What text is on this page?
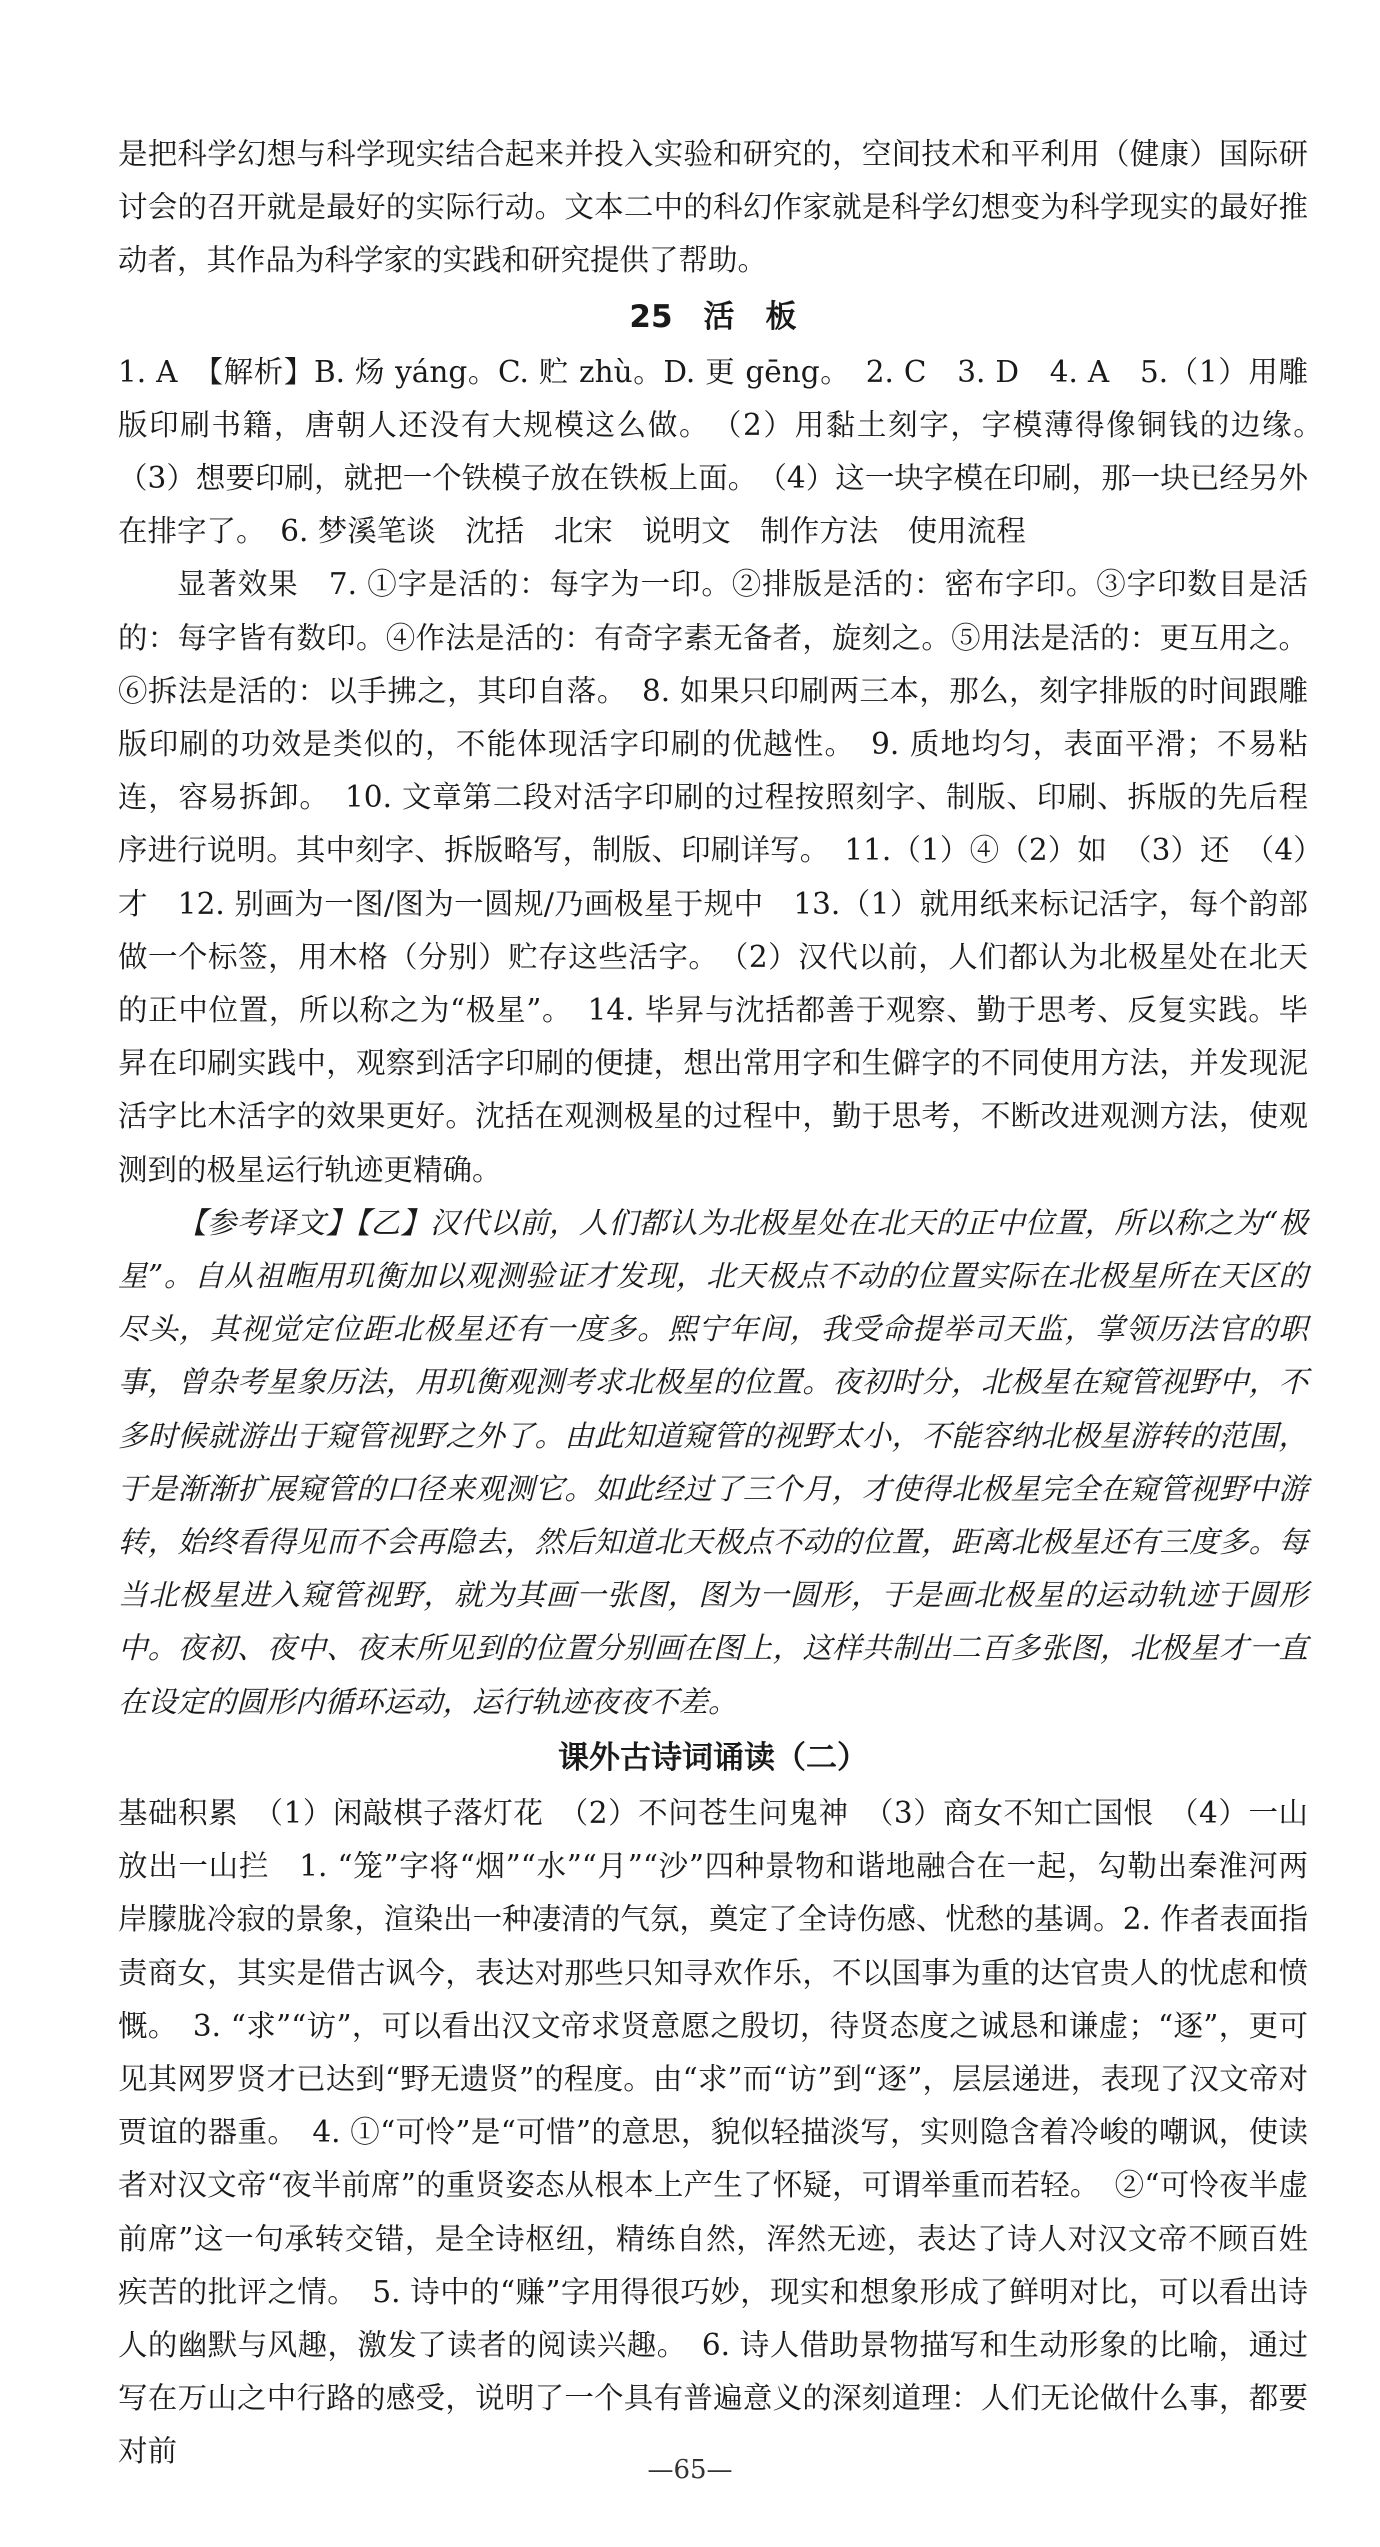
是把科学幻想与科学现实结合起来并投入实验和研究的，空间技术和平利用（健康）国际研讨会的召开就是最好的实际行动。文本二中的科幻作家就是科学幻想变为科学现实的最好推动者，其作品为科学家的实践和研究提供了帮助。

25　活　板

1. A　【解析】B. 炀 yáng。C. 贮 zhù。D. 更 gēng。　2. C　3. D　4. A　5.（1）用雕版印刷书籍，唐朝人还没有大规模这么做。　（2）用黏土刻字，字模薄得像铜钱的边缘。　（3）想要印刷，就把一个铁模子放在铁板上面。　（4）这一块字模在印刷，那一块已经另外在排字了。　6. 梦溪笔谈　沈括　北宋　说明文　制作方法　使用流程

显著效果　7. ①字是活的：每字为一印。②排版是活的：密布字印。③字印数目是活的：每字皆有数印。④作法是活的：有奇字素无备者，旋刻之。⑤用法是活的：更互用之。⑥拆法是活的：以手拂之，其印自落。　8. 如果只印刷两三本，那么，刻字排版的时间跟雕版印刷的功效是类似的，不能体现活字印刷的优越性。　9. 质地均匀，表面平滑；不易粘连，容易拆卸。　10. 文章第二段对活字印刷的过程按照刻字、制版、印刷、拆版的先后程序进行说明。其中刻字、拆版略写，制版、印刷详写。　11.（1）④（2）如　（3）还　（4）才　12. 别画为一图/图为一圆规/乃画极星于规中　13.（1）就用纸来标记活字，每个韵部做一个标签，用木格（分别）贮存这些活字。　（2）汉代以前，人们都认为北极星处在北天的正中位置，所以称之为“极星”。　14. 毕昇与沈括都善于观察、勤于思考、反复实践。毕昇在印刷实践中，观察到活字印刷的便捷，想出常用字和生僻字的不同使用方法，并发现泥活字比木活字的效果更好。沈括在观测极星的过程中，勤于思考，不断改进观测方法，使观测到的极星运行轨迹更精确。

【参考译文】【乙】汉代以前，人们都认为北极星处在北天的正中位置，所以称之为“极星”。自从祖暅用玑衡加以观测验证才发现，北天极点不动的位置实际在北极星所在天区的尽头，其视觉定位距北极星还有一度多。熙宁年间，我受命提举司天监，掌领历法官的职事，曾杂考星象历法，用玑衡观测考求北极星的位置。夜初时分，北极星在窥管视野中，不多时候就游出于窥管视野之外了。由此知道窥管的视野太小，不能容纳北极星游转的范围，于是渐渐扩展窥管的口径来观测它。如此经过了三个月，才使得北极星完全在窥管视野中游转，始终看得见而不会再隐去，然后知道北天极点不动的位置，距离北极星还有三度多。每当北极星进入窥管视野，就为其画一张图，图为一圆形，于是画北极星的运动轨迹于圆形中。夜初、夜中、夜末所见到的位置分别画在图上，这样共制出二百多张图，北极星才一直在设定的圆形内循环运动，运行轨迹夜夜不差。

课外古诗词诵读（二）

基础积累　（1）闲敲棋子落灯花　（2）不问苍生问鬼神　（3）商女不知亡国恨　（4）一山放出一山拦　1. “笼”字将“烟”“水”“月”“沙”四种景物和谐地融合在一起，勾勒出秦淮河两岸朦胧冷寂的景象，渲染出一种凄清的气氛，奠定了全诗伤感、忧愁的基调。2. 作者表面指责商女，其实是借古讽今，表达对那些只知寻欢作乐，不以国事为重的达官贵人的忧虑和愤慨。　3. “求”“访”，可以看出汉文帝求贤意愿之殷切，待贤态度之诚恳和谦虚；“逐”，更可见其网罗贤才已达到“野无遗贤”的程度。由“求”而“访”到“逐”，层层递进，表现了汉文帝对贾谊的器重。　4. ①“可怜”是“可惜”的意思，貌似轻描淡写，实则隐含着冷峻的嘲讽，使读者对汉文帝“夜半前席”的重贤姿态从根本上产生了怀疑，可谓举重而若轻。　②“可怜夜半虚前席”这一句承转交错，是全诗枢纽，精练自然，浑然无迹，表达了诗人对汉文帝不顾百姓疾苦的批评之情。　5. 诗中的“赚”字用得很巧妙，现实和想象形成了鲜明对比，可以看出诗人的幽默与风趣，激发了读者的阅读兴趣。　6. 诗人借助景物描写和生动形象的比喻，通过写在万山之中行路的感受，说明了一个具有普遍意义的深刻道理：人们无论做什么事，都要对前

—65—
